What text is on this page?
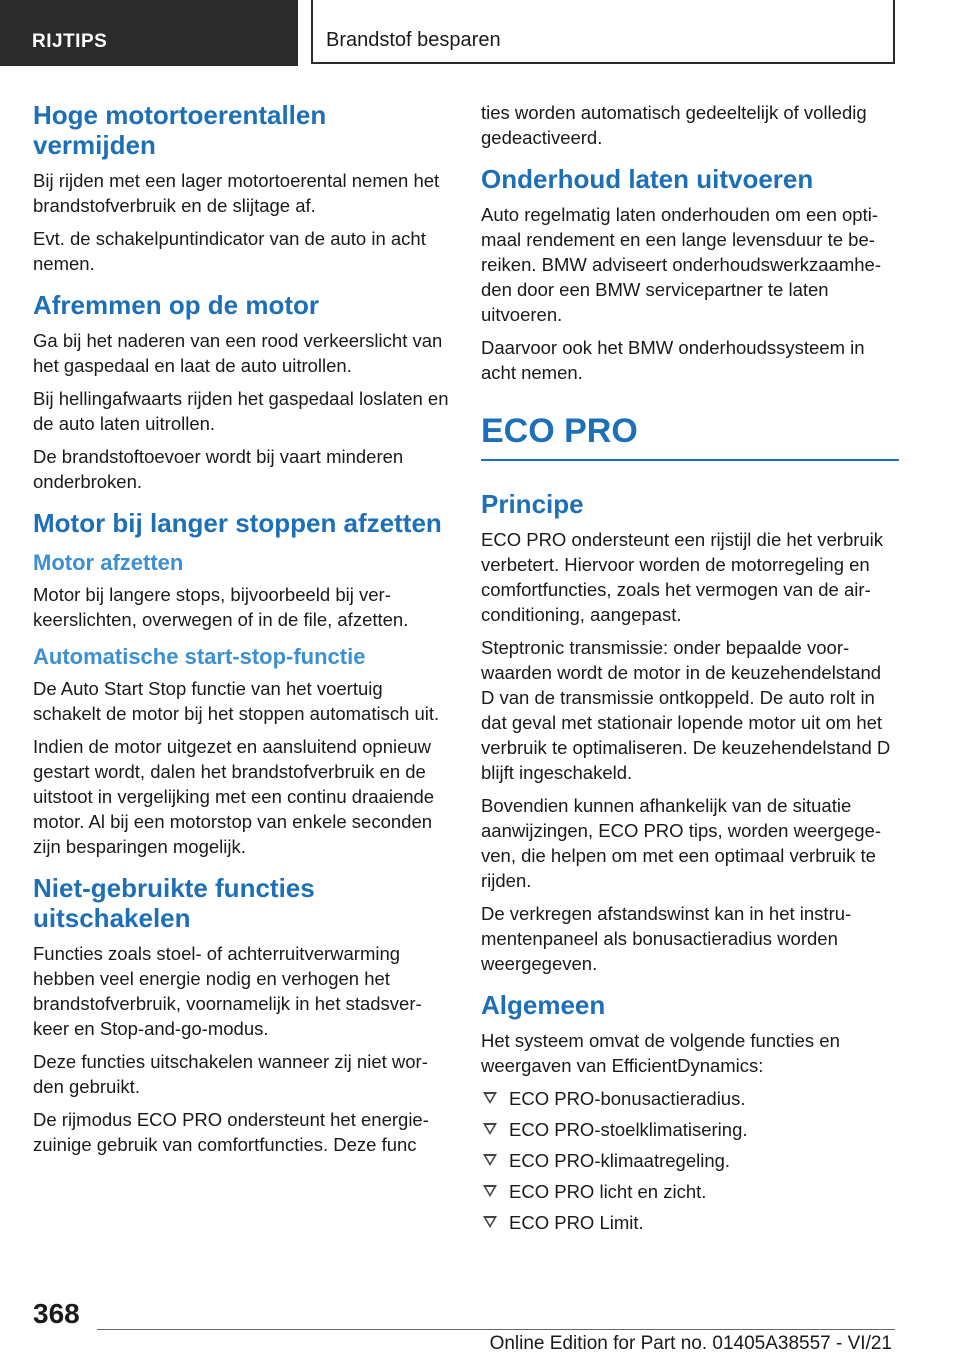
RIJTIPS	Brandstof besparen
Hoge motortoerentallen vermijden

Bij rijden met een lager motortoerental nemen het brandstofverbruik en de slijtage af.

Evt. de schakelpuntindicator van de auto in acht nemen.

Afremmen op de motor

Ga bij het naderen van een rood verkeerslicht van het gaspedaal en laat de auto uitrollen.

Bij hellingafwaarts rijden het gaspedaal loslaten en de auto laten uitrollen.

De brandstoftoevoer wordt bij vaart minderen onderbroken.

Motor bij langer stoppen afzetten
Motor afzetten

Motor bij langere stops, bijvoorbeeld bij verkeerslichten, overwegen of in de file, afzetten.

Automatische start-stop-functie

De Auto Start Stop functie van het voertuig schakelt de motor bij het stoppen automatisch uit.

Indien de motor uitgezet en aansluitend opnieuw gestart wordt, dalen het brandstofverbruik en de uitstoot in vergelijking met een continu draaiende motor. Al bij een motorstop van enkele seconden zijn besparingen mogelijk.

Niet-gebruikte functies uitschakelen

Functies zoals stoel- of achterruitverwarming hebben veel energie nodig en verhogen het brandstofverbruik, voornamelijk in het stadsverkeer en Stop-and-go-modus.

Deze functies uitschakelen wanneer zij niet worden gebruikt.

De rijmodus ECO PRO ondersteunt het energiezuinige gebruik van comfortfuncties. Deze func

ties worden automatisch gedeeltelijk of volledig gedeactiveerd.

Onderhoud laten uitvoeren

Auto regelmatig laten onderhouden om een optimaal rendement en een lange levensduur te bereiken. BMW adviseert onderhoudswerkzaamheden door een BMW servicepartner te laten uitvoeren.

Daarvoor ook het BMW onderhoudssysteem in acht nemen.

ECO PRO
Principe

ECO PRO ondersteunt een rijstijl die het verbruik verbetert. Hiervoor worden de motorregeling en comfortfuncties, zoals het vermogen van de airconditioning, aangepast.

Steptronic transmissie: onder bepaalde voorwaarden wordt de motor in de keuzehendelstand D van de transmissie ontkoppeld. De auto rolt in dat geval met stationair lopende motor uit om het verbruik te optimaliseren. De keuzehendelstand D blijft ingeschakeld.

Bovendien kunnen afhankelijk van de situatie aanwijzingen, ECO PRO tips, worden weergegeven, die helpen om met een optimaal verbruik te rijden.

De verkregen afstandswinst kan in het instrumentenpaneel als bonusactieradius worden weergegeven.

Algemeen

Het systeem omvat de volgende functies en weergaven van EfficientDynamics:

ECO PRO-bonusactieradius.
ECO PRO-stoelklimatisering.
ECO PRO-klimaatregeling.
ECO PRO licht en zicht.
ECO PRO Limit.
368
Online Edition for Part no. 01405A38557 - VI/21
